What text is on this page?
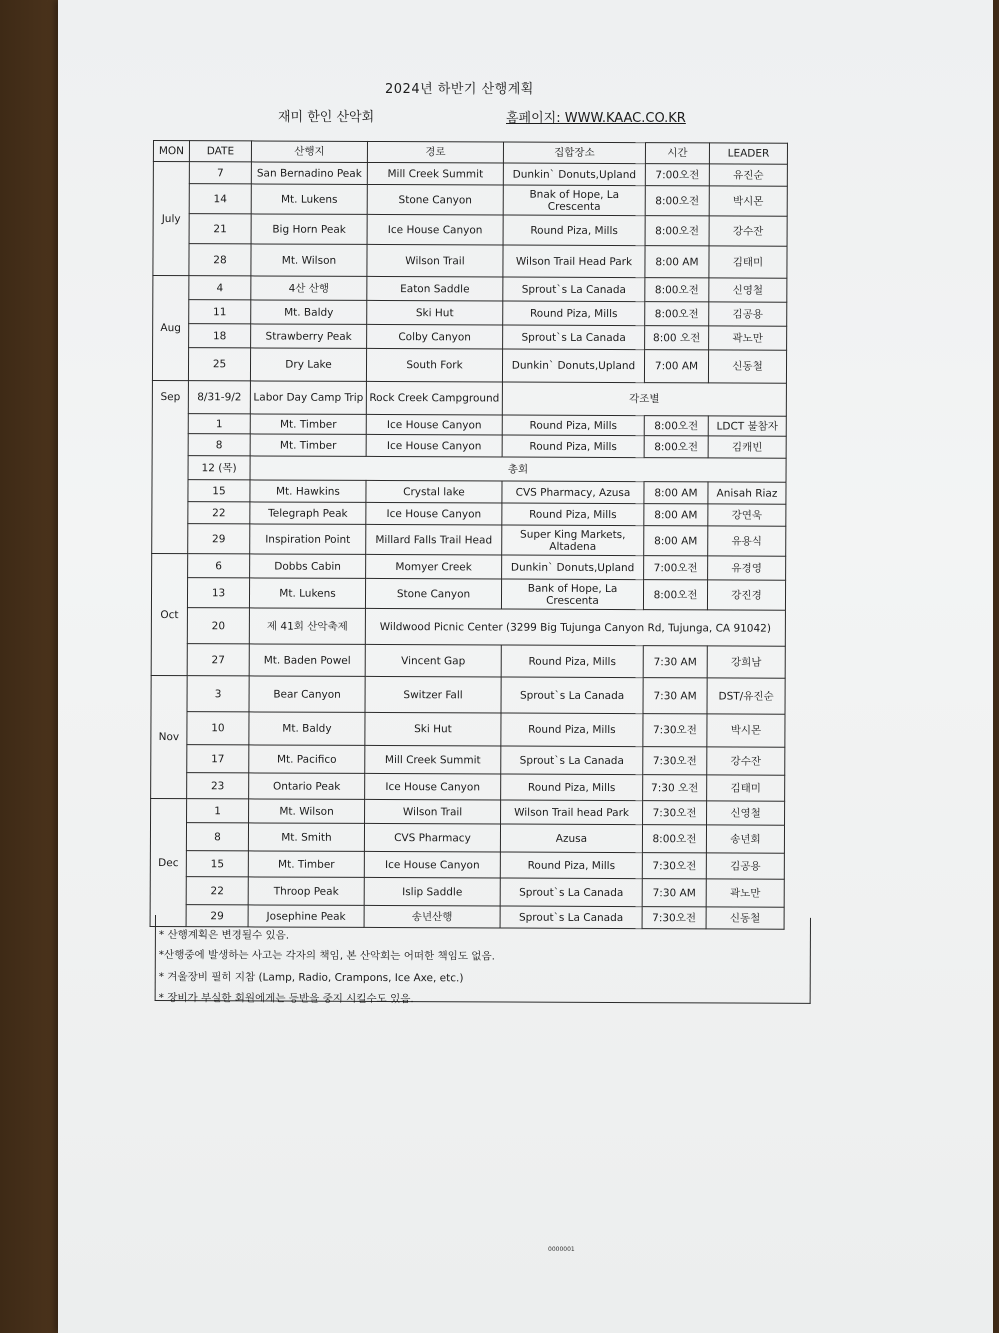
2024년 하반기 산행계획
재미 한인 산악회	홈페이지: WWW.KAAC.CO.KR
MON	DATE	산행지	경로	집합장소	시간	LEADER
July	7	San Bernadino Peak	Mill Creek Summit	Dunkin` Donuts,Upland	7:00오전	유진순
	14	Mt. Lukens	Stone Canyon	Bnak of Hope, La Crescenta	8:00오전	박시몬
	21	Big Horn Peak	Ice House Canyon	Round Piza, Mills	8:00오전	강수잔
	28	Mt. Wilson	Wilson Trail	Wilson Trail Head Park	8:00 AM	김태미
Aug	4	4산 산행	Eaton Saddle	Sprout`s La Canada	8:00오전	신영철
	11	Mt. Baldy	Ski Hut	Round Piza, Mills	8:00오전	김공용
	18	Strawberry Peak	Colby Canyon	Sprout`s La Canada	8:00 오전	곽노만
	25	Dry Lake	South Fork	Dunkin` Donuts,Upland	7:00 AM	신동철
Sep	8/31-9/2	Labor Day Camp Trip	Rock Creek Campground	각조별		
	1	Mt. Timber	Ice House Canyon	Round Piza, Mills	8:00오전	LDCT 불참자
	8	Mt. Timber	Ice House Canyon	Round Piza, Mills	8:00오전	김캐빈
	12 (목)	총회				
	15	Mt. Hawkins	Crystal lake	CVS Pharmacy, Azusa	8:00 AM	Anisah Riaz
	22	Telegraph Peak	Ice House Canyon	Round Piza, Mills	8:00 AM	강연욱
	29	Inspiration Point	Millard Falls Trail Head	Super King Markets, Altadena	8:00 AM	유용식
Oct	6	Dobbs Cabin	Momyer Creek	Dunkin` Donuts,Upland	7:00오전	유경영
	13	Mt. Lukens	Stone Canyon	Bank of Hope, La Crescenta	8:00오전	강진경
	20	제 41회 산악축제	Wildwood Picnic Center (3299 Big Tujunga Canyon Rd, Tujunga, CA 91042)			
	27	Mt. Baden Powel	Vincent Gap	Round Piza, Mills	7:30 AM	강희남
Nov	3	Bear Canyon	Switzer Fall	Sprout`s La Canada	7:30 AM	DST/유진순
	10	Mt. Baldy	Ski Hut	Round Piza, Mills	7:30오전	박시몬
	17	Mt. Pacifico	Mill Creek Summit	Sprout`s La Canada	7:30오전	강수잔
	23	Ontario Peak	Ice House Canyon	Round Piza, Mills	7:30 오전	김태미
Dec	1	Mt. Wilson	Wilson Trail	Wilson Trail head Park	7:30오전	신영철
	8	Mt. Smith	CVS Pharmacy	Azusa	8:00오전	송년회
	15	Mt. Timber	Ice House Canyon	Round Piza, Mills	7:30오전	김공용
	22	Throop Peak	Islip Saddle	Sprout`s La Canada	7:30 AM	곽노만
	29	Josephine Peak	송년산행	Sprout`s La Canada	7:30오전	신동철
* 산행계획은 변경될수 있음.
*산행중에 발생하는 사고는 각자의 책임, 본 산악회는 어떠한 책임도 없음.
* 겨울장비 필히 지참 (Lamp, Radio, Crampons, Ice Axe, etc.)
* 장비가 부실한 회원에게는 등반을 중지 시킬수도 있음.
0000001
